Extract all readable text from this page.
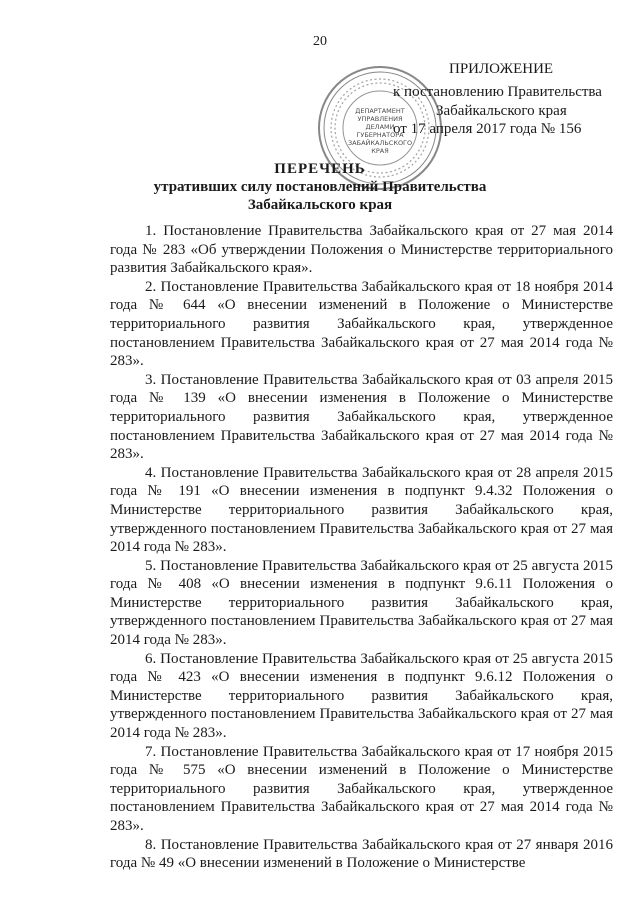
20
ДЕПАРТАМЕНТ УПРАВЛЕНИЯ ДЕЛАМИ ГУБЕРНАТОРА ЗАБАЙКАЛЬСКОГО КРАЯ
ПРИЛОЖЕНИЕ
к постановлению Правительства
Забайкальского края
от 17 апреля 2017 года № 156
ПЕРЕЧЕНЬ
утративших силу постановлений Правительства
Забайкальского края

1. Постановление Правительства Забайкальского края от 27 мая 2014 года № 283 «Об утверждении Положения о Министерстве территориального развития Забайкальского края».

2. Постановление Правительства Забайкальского края от 18 ноября 2014 года № 644 «О внесении изменений в Положение о Министерстве территориального развития Забайкальского края, утвержденное постановлением Правительства Забайкальского края от 27 мая 2014 года № 283».

3. Постановление Правительства Забайкальского края от 03 апреля 2015 года № 139 «О внесении изменения в Положение о Министерстве территориального развития Забайкальского края, утвержденное постановлением Правительства Забайкальского края от 27 мая 2014 года № 283».

4. Постановление Правительства Забайкальского края от 28 апреля 2015 года № 191 «О внесении изменения в подпункт 9.4.32 Положения о Министерстве территориального развития Забайкальского края, утвержденного постановлением Правительства Забайкальского края от 27 мая 2014 года № 283».

5. Постановление Правительства Забайкальского края от 25 августа 2015 года № 408 «О внесении изменения в подпункт 9.6.11 Положения о Министерстве территориального развития Забайкальского края, утвержденного постановлением Правительства Забайкальского края от 27 мая 2014 года № 283».

6. Постановление Правительства Забайкальского края от 25 августа 2015 года № 423 «О внесении изменения в подпункт 9.6.12 Положения о Министерстве территориального развития Забайкальского края, утвержденного постановлением Правительства Забайкальского края от 27 мая 2014 года № 283».

7. Постановление Правительства Забайкальского края от 17 ноября 2015 года № 575 «О внесении изменений в Положение о Министерстве территориального развития Забайкальского края, утвержденное постановлением Правительства Забайкальского края от 27 мая 2014 года № 283».

8. Постановление Правительства Забайкальского края от 27 января 2016 года № 49 «О внесении изменений в Положение о Министерстве
